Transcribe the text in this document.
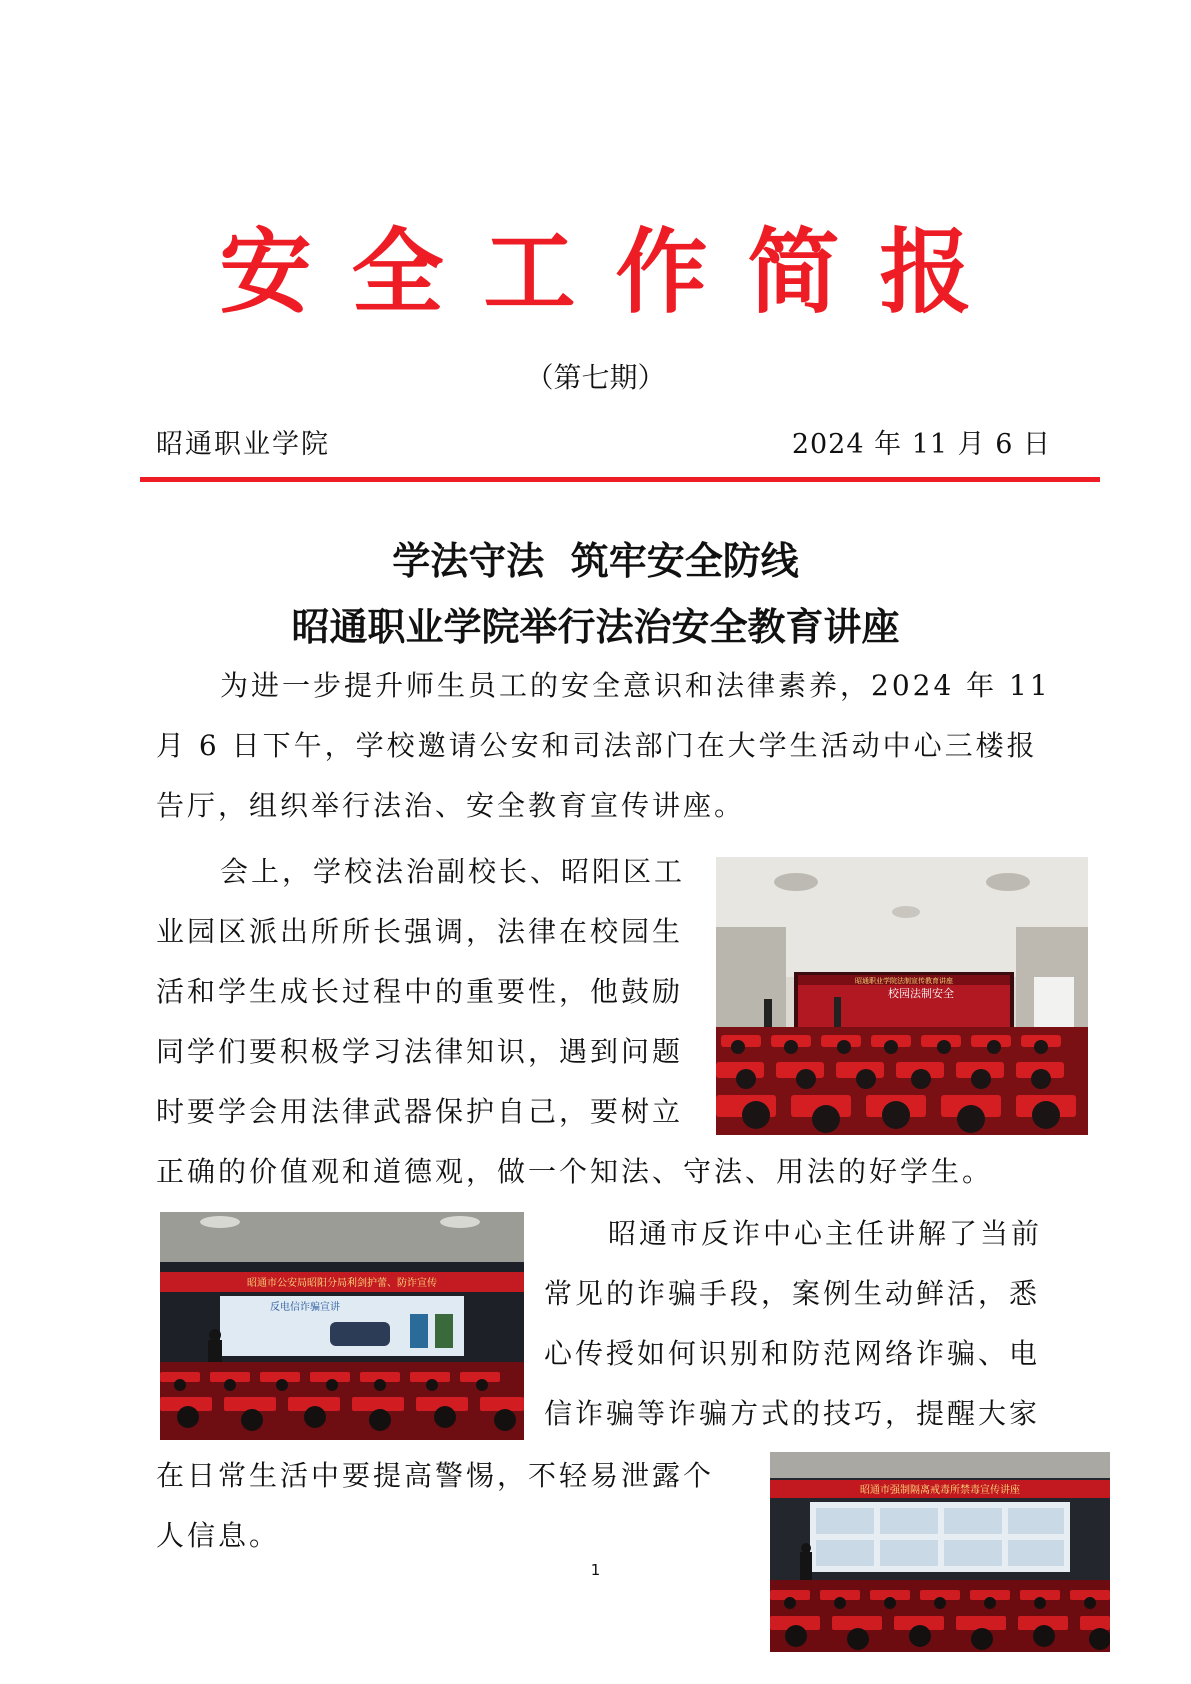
安全工作简报
（第七期）
昭通职业学院	2024 年 11 月 6 日
学法守法  筑牢安全防线
昭通职业学院举行法治安全教育讲座
为进一步提升师生员工的安全意识和法律素养，2024 年 11
月 6 日下午，学校邀请公安和司法部门在大学生活动中心三楼报
告厅，组织举行法治、安全教育宣传讲座。
会上，学校法治副校长、昭阳区工
业园区派出所所长强调，法律在校园生
活和学生成长过程中的重要性，他鼓励
同学们要积极学习法律知识，遇到问题
时要学会用法律武器保护自己，要树立
正确的价值观和道德观，做一个知法、守法、用法的好学生。
昭通市反诈中心主任讲解了当前
常见的诈骗手段，案例生动鲜活，悉
心传授如何识别和防范网络诈骗、电
信诈骗等诈骗方式的技巧，提醒大家
在日常生活中要提高警惕，不轻易泄露个
人信息。
昭通职业学院法制宣传教育讲座
校园法制安全
昭通市公安局昭阳分局利剑护蕾、防诈宣传
反电信诈骗宣讲
昭通市强制隔离戒毒所禁毒宣传讲座
1
